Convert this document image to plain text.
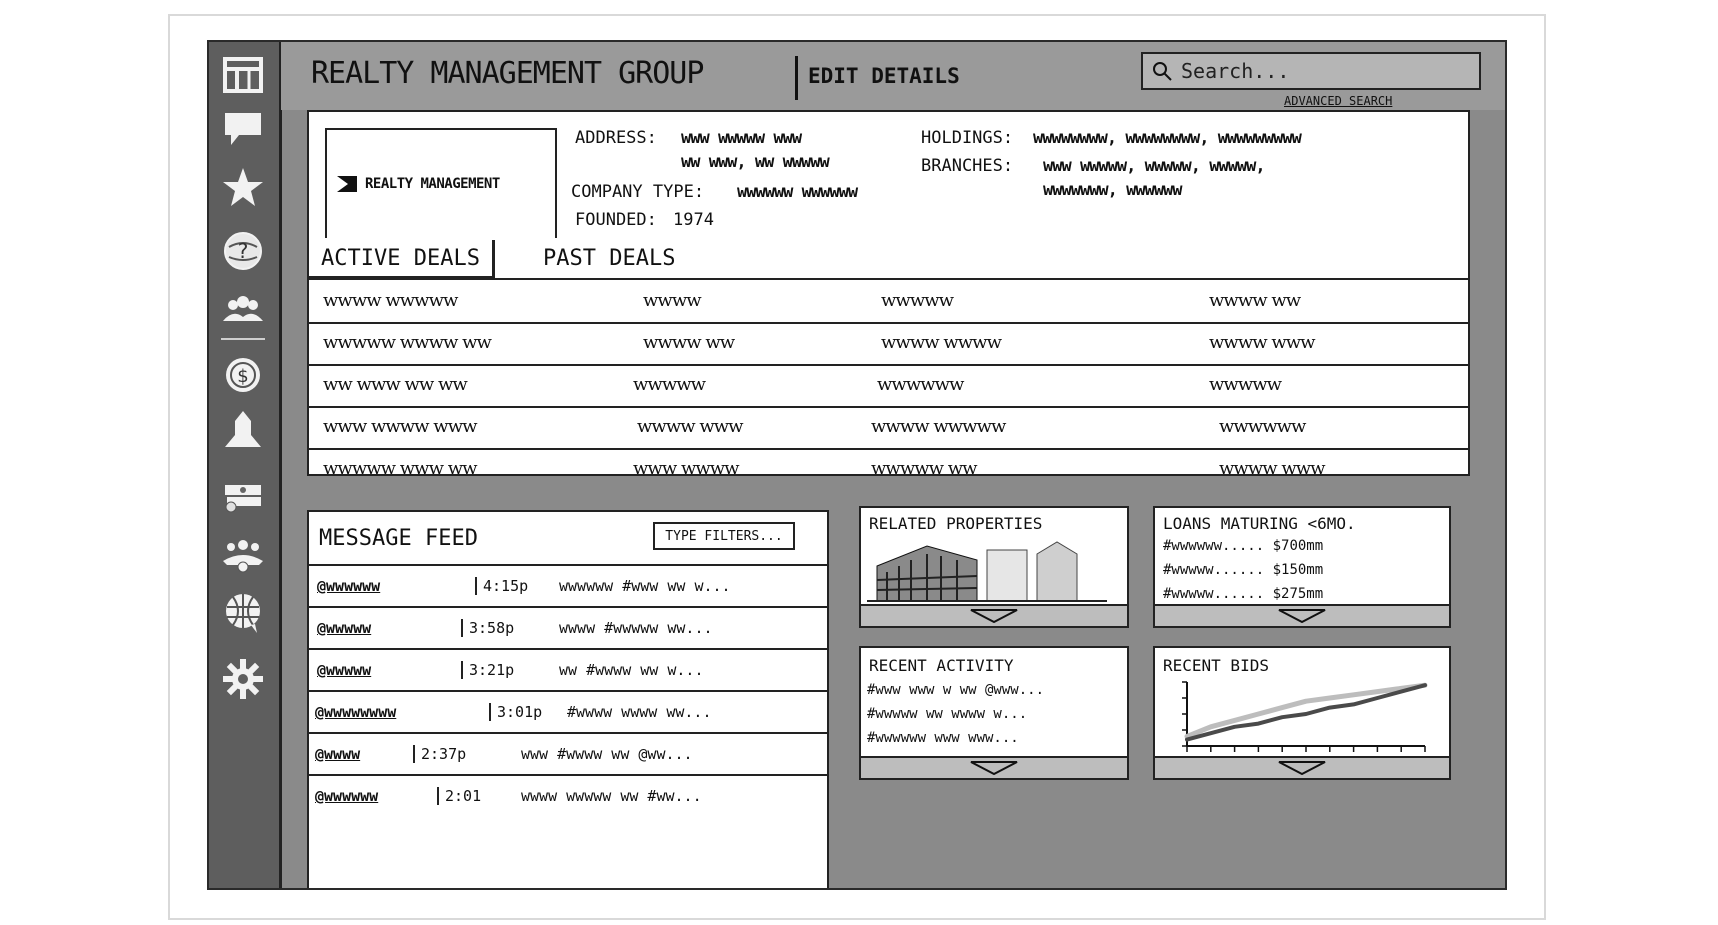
?
$
REALTY MANAGEMENT GROUP	EDIT DETAILS
Search...
ADVANCED SEARCH
REALTY MANAGEMENT
ADDRESS: www wwwww www
ww www, ww wwwww
COMPANY TYPE: wwwwww wwwwww
FOUNDED: 1974
HOLDINGS: wwwwwwww, wwwwwwww, wwwwwwwww
BRANCHES: www wwwww, wwwww, wwwww,
wwwwwww, wwwwww
ACTIVE DEALS	PAST DEALS
wwww wwwww	wwww	wwwww	wwww ww
wwwww wwww ww	wwww ww	wwww wwww	wwww www
ww www ww ww	wwwww	wwwwww	wwwww
www wwww www	wwww www	wwww wwwww	wwwwww
wwwww www ww	www wwww	wwwww ww	wwww www
MESSAGE FEED	TYPE FILTERS...
@wwwwww	4:15p wwwwww #www ww w...
@wwwww	3:58p	wwww #wwwww ww...
@wwwww	3:21p	ww #wwww ww w...
@wwwwwwww	3:01p #wwww wwww ww...
@wwww	2:37p	www #wwww ww @ww...
@wwwwww	2:01	wwww wwwww ww #ww...
RELATED PROPERTIES	LOANS MATURING <6MO.
#wwwwww..... $700mm
#wwwww...... $150mm
#wwwww...... $275mm
RECENT ACTIVITY
#www www w ww @www...
#wwwww ww wwww w...
#wwwwww www www...
RECENT BIDS
